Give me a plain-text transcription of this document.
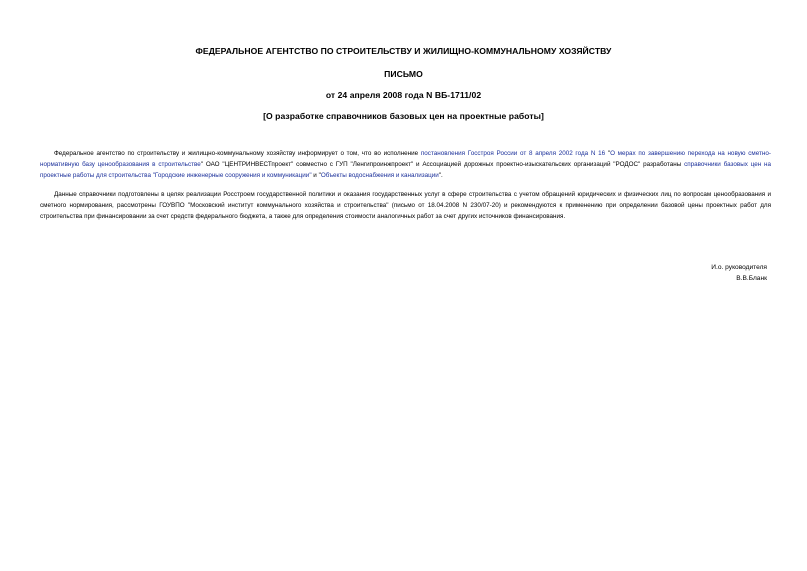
ФЕДЕРАЛЬНОЕ АГЕНТСТВО ПО СТРОИТЕЛЬСТВУ И ЖИЛИЩНО-КОММУНАЛЬНОМУ ХОЗЯЙСТВУ
ПИСЬМО
от 24 апреля 2008 года N ВБ-1711/02
[О разработке справочников базовых цен на проектные работы]

Федеральное агентство по строительству и жилищно-коммунальному хозяйству информирует о том, что во исполнение постановления Госстроя России от 8 апреля 2002 года N 16 "О мерах по завершению перехода на новую сметно-нормативную базу ценообразования в строительстве" ОАО "ЦЕНТРИНВЕСТпроект" совместно с ГУП "Ленгипроинжпроект" и Ассоциацией дорожных проектно-изыскательских организаций "РОДОС" разработаны справочники базовых цен на проектные работы для строительства "Городские инженерные сооружения и коммуникации" и "Объекты водоснабжения и канализации".

Данные справочники подготовлены в целях реализации Росстроем государственной политики и оказания государственных услуг в сфере строительства с учетом обращений юридических и физических лиц по вопросам ценообразования и сметного нормирования, рассмотрены ГОУВПО "Московский институт коммунального хозяйства и строительства" (письмо от 18.04.2008 N 230/07-20) и рекомендуются к применению при определении базовой цены проектных работ для строительства при финансировании за счет средств федерального бюджета, а также для определения стоимости аналогичных работ за счет других источников финансирования.

И.о. руководителя
В.В.Бланк
